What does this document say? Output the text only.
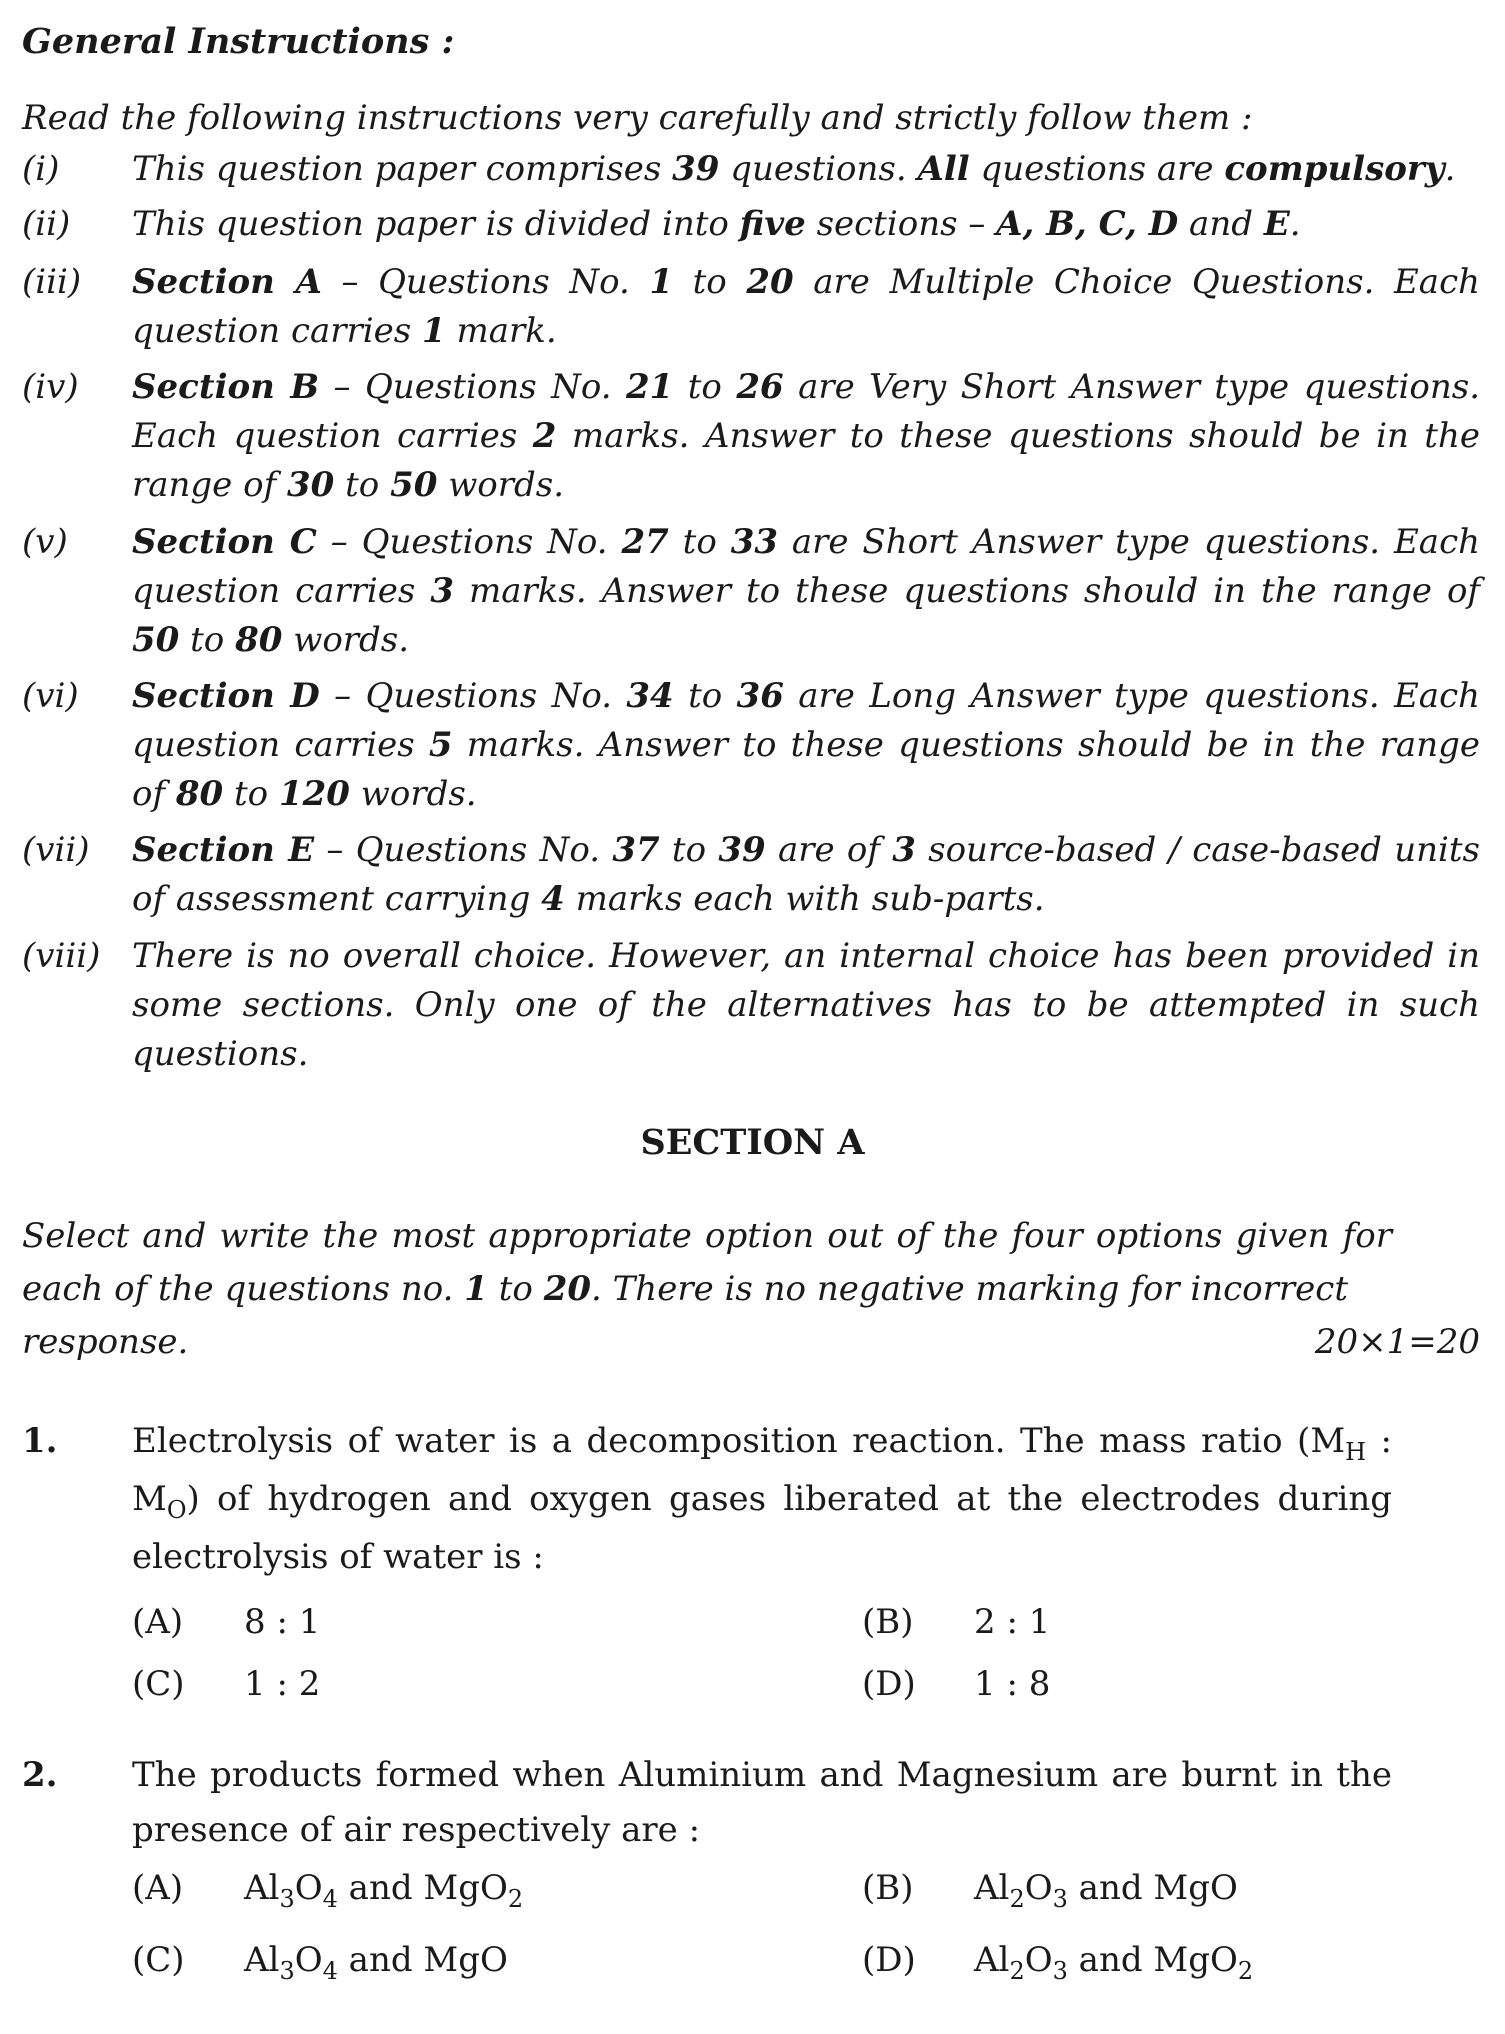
General Instructions :
Read the following instructions very carefully and strictly follow them :
(i) This question paper comprises 39 questions. All questions are compulsory.
(ii) This question paper is divided into five sections – A, B, C, D and E.
(iii) Section A – Questions No. 1 to 20 are Multiple Choice Questions. Each question carries 1 mark.
(iv) Section B – Questions No. 21 to 26 are Very Short Answer type questions. Each question carries 2 marks. Answer to these questions should be in the range of 30 to 50 words.
(v) Section C – Questions No. 27 to 33 are Short Answer type questions. Each question carries 3 marks. Answer to these questions should in the range of 50 to 80 words.
(vi) Section D – Questions No. 34 to 36 are Long Answer type questions. Each question carries 5 marks. Answer to these questions should be in the range of 80 to 120 words.
(vii) Section E – Questions No. 37 to 39 are of 3 source-based / case-based units of assessment carrying 4 marks each with sub-parts.
(viii) There is no overall choice. However, an internal choice has been provided in some sections. Only one of the alternatives has to be attempted in such questions.
SECTION A
Select and write the most appropriate option out of the four options given for each of the questions no. 1 to 20. There is no negative marking for incorrect
response.	20×1=20
1. Electrolysis of water is a decomposition reaction. The mass ratio ($M_H$ : $M_O$) of hydrogen and oxygen gases liberated at the electrodes during electrolysis of water is :
(A) 8 : 1	(B) 2 : 1
(C) 1 : 2	(D) 1 : 8
2. The products formed when Aluminium and Magnesium are burnt in the presence of air respectively are :
(A) $Al_3O_4$ and MgO$_2$	(B) $Al_2O_3$ and MgO
(C) $Al_3O_4$ and MgO	(D) $Al_2O_3$ and MgO$_2$
